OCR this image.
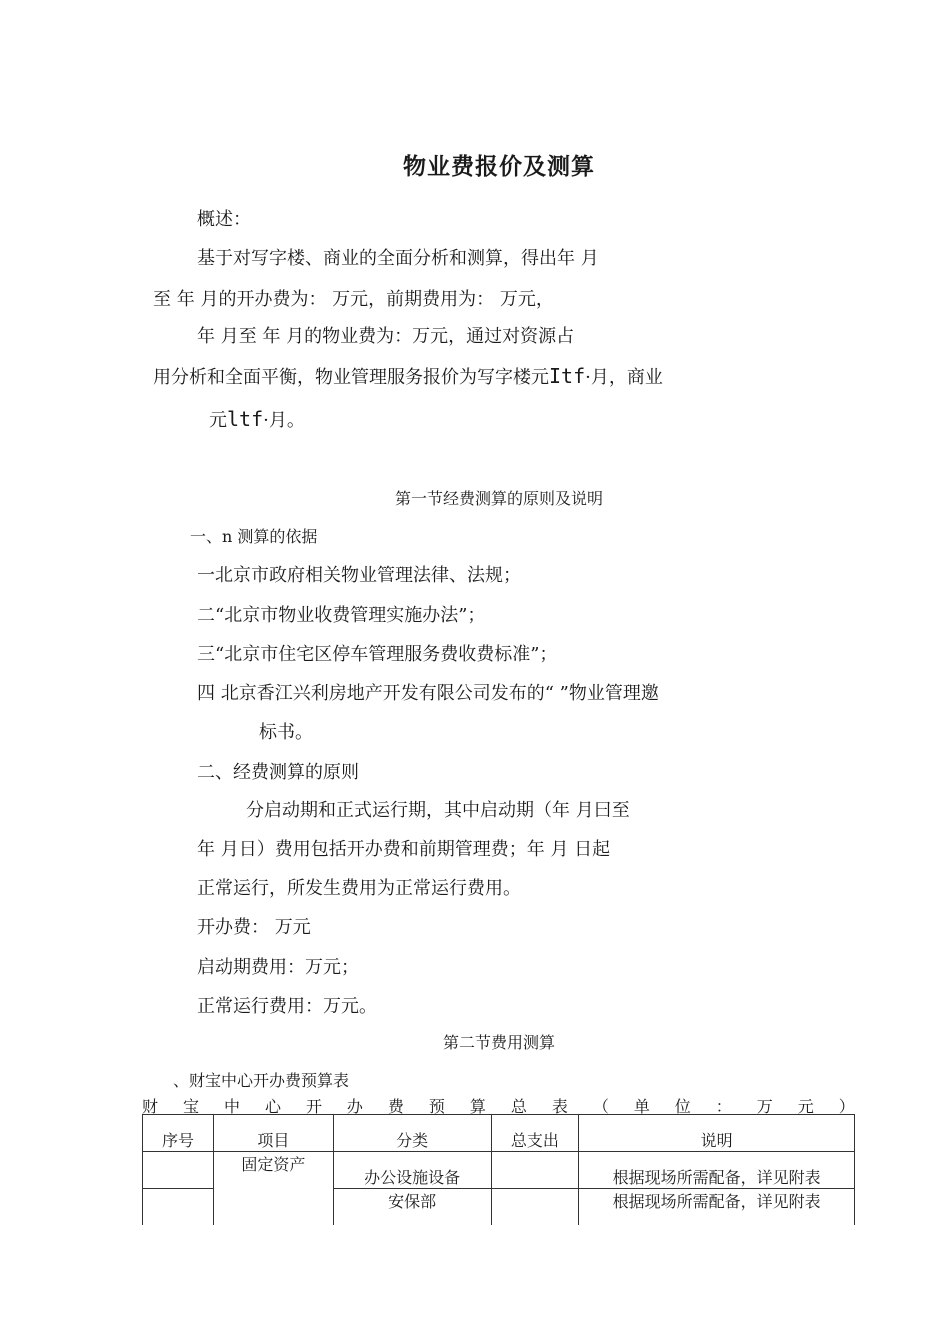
物业费报价及测算
概述：
基于对写字楼、商业的全面分析和测算，得出年 月
至 年 月的开办费为： 万元，前期费用为： 万元，
年 月至 年 月的物业费为：万元，通过对资源占
用分析和全面平衡，物业管理服务报价为写字楼元Itf·月，商业
元ltf·月。
第一节经费测算的原则及说明
一、n 测算的依据
一北京市政府相关物业管理法律、法规；
二“北京市物业收费管理实施办法”；
三“北京市住宅区停车管理服务费收费标准”；
四 北京香江兴利房地产开发有限公司发布的“ ”物业管理邀
标书。
二、经费测算的原则
分启动期和正式运行期，其中启动期（年 月曰至
年 月日）费用包括开办费和前期管理费；年 月 日起
正常运行，所发生费用为正常运行费用。
开办费： 万元
启动期费用：万元；
正常运行费用：万元。
第二节费用测算
、财宝中心开办费预算表
财 宝 中 心 开 办 费 预 算 总 表 （ 单 位 ： 万 元 ）
序号	项目	分类	总支出	说明
	固定资产	办公设施设备		根据现场所需配备，详见附表
		安保部		根据现场所需配备，详见附表
